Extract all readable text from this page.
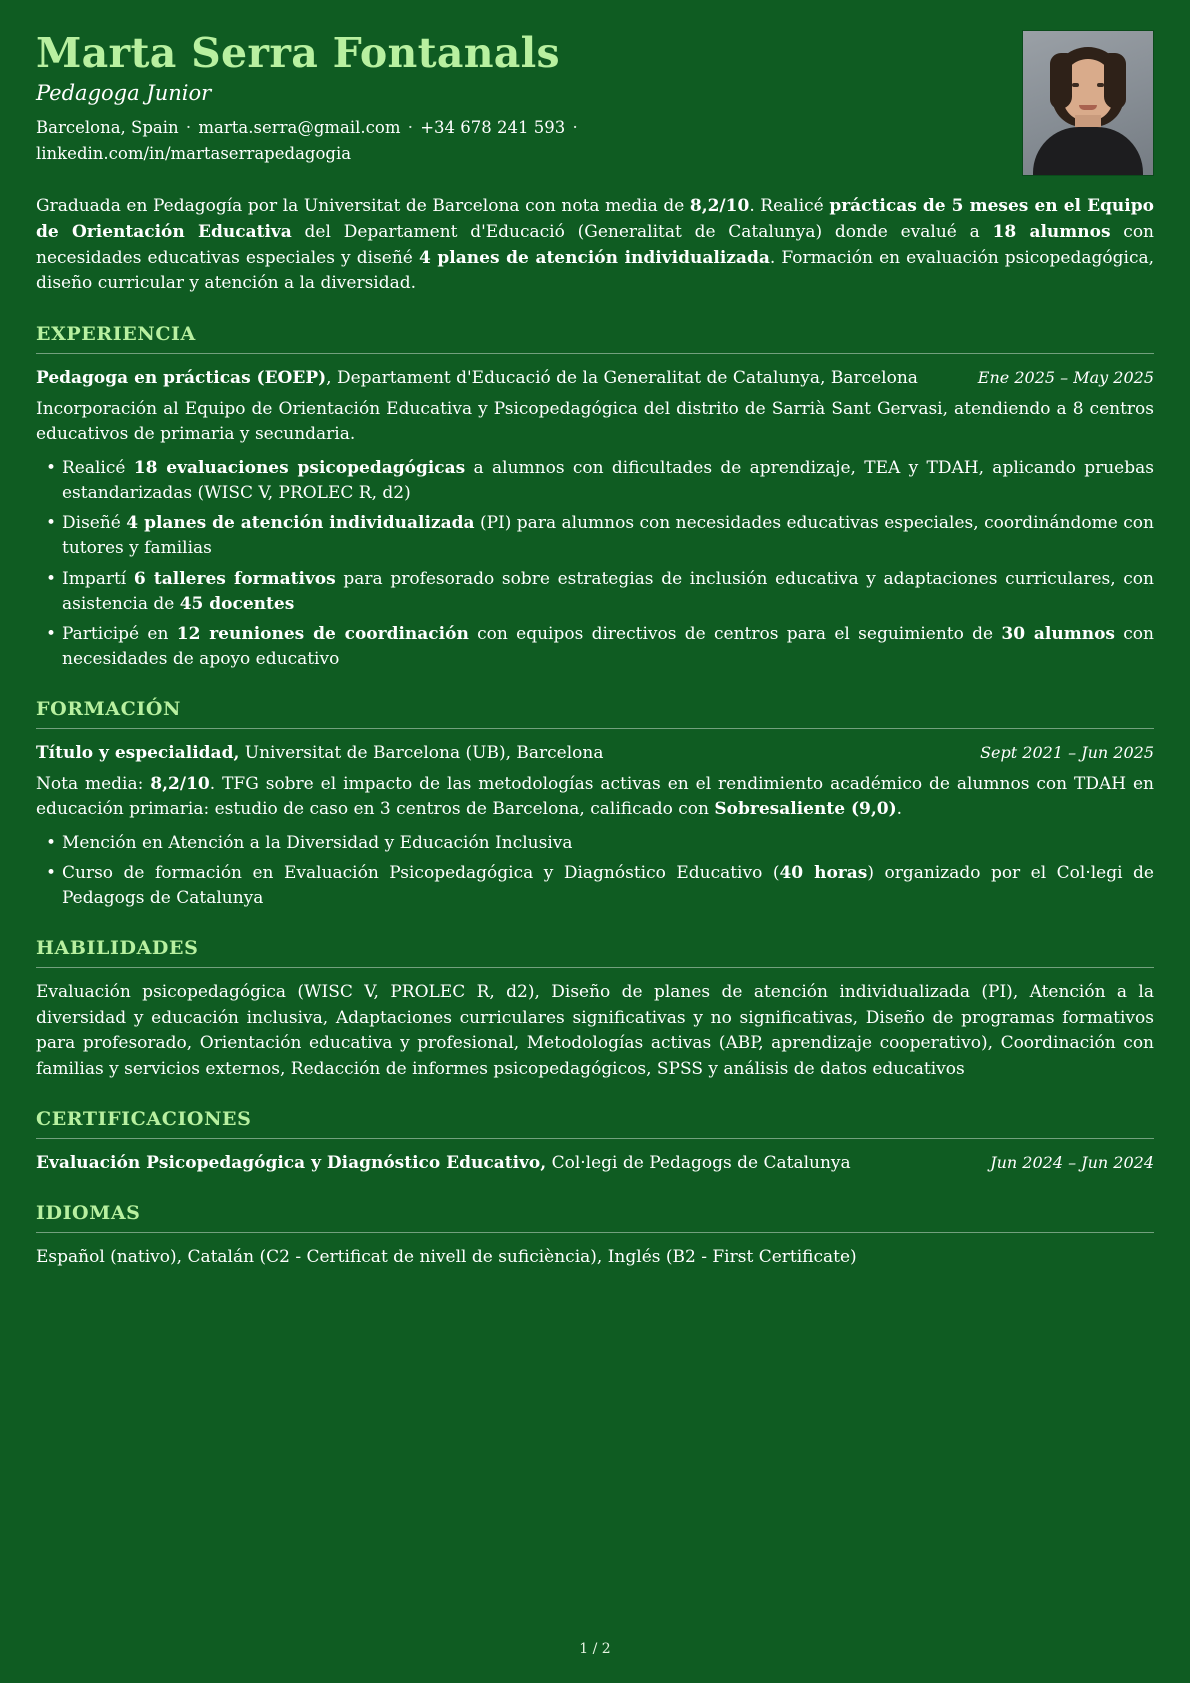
Marta Serra Fontanals
Pedagoga Junior
Barcelona, Spain · marta.serra@gmail.com · +34 678 241 593 · linkedin.com/in/martaserrapedagogia
Graduada en Pedagogía por la Universitat de Barcelona con nota media de 8,2/10. Realicé prácticas de 5 meses en el Equipo de Orientación Educativa del Departament d'Educació (Generalitat de Catalunya) donde evalué a 18 alumnos con necesidades educativas especiales y diseñé 4 planes de atención individualizada. Formación en evaluación psicopedagógica, diseño curricular y atención a la diversidad.
EXPERIENCIA
Pedagoga en prácticas (EOEP), Departament d'Educació de la Generalitat de Catalunya, Barcelona	Ene 2025 – May 2025
Incorporación al Equipo de Orientación Educativa y Psicopedagógica del distrito de Sarrià Sant Gervasi, atendiendo a 8 centros educativos de primaria y secundaria.
• Realicé 18 evaluaciones psicopedagógicas a alumnos con dificultades de aprendizaje, TEA y TDAH, aplicando pruebas estandarizadas (WISC V, PROLEC R, d2)
• Diseñé 4 planes de atención individualizada (PI) para alumnos con necesidades educativas especiales, coordinándome con tutores y familias
• Impartí 6 talleres formativos para profesorado sobre estrategias de inclusión educativa y adaptaciones curriculares, con asistencia de 45 docentes
• Participé en 12 reuniones de coordinación con equipos directivos de centros para el seguimiento de 30 alumnos con necesidades de apoyo educativo
FORMACIÓN
Título y especialidad, Universitat de Barcelona (UB), Barcelona	Sept 2021 – Jun 2025
Nota media: 8,2/10. TFG sobre el impacto de las metodologías activas en el rendimiento académico de alumnos con TDAH en educación primaria: estudio de caso en 3 centros de Barcelona, calificado con Sobresaliente (9,0).
• Mención en Atención a la Diversidad y Educación Inclusiva
• Curso de formación en Evaluación Psicopedagógica y Diagnóstico Educativo (40 horas) organizado por el Col·legi de Pedagogs de Catalunya
HABILIDADES
Evaluación psicopedagógica (WISC V, PROLEC R, d2), Diseño de planes de atención individualizada (PI), Atención a la diversidad y educación inclusiva, Adaptaciones curriculares significativas y no significativas, Diseño de programas formativos para profesorado, Orientación educativa y profesional, Metodologías activas (ABP, aprendizaje cooperativo), Coordinación con familias y servicios externos, Redacción de informes psicopedagógicos, SPSS y análisis de datos educativos
CERTIFICACIONES
Evaluación Psicopedagógica y Diagnóstico Educativo, Col·legi de Pedagogs de Catalunya	Jun 2024 – Jun 2024
IDIOMAS
Español (nativo), Catalán (C2 - Certificat de nivell de suficiència), Inglés (B2 - First Certificate)
1 / 2
